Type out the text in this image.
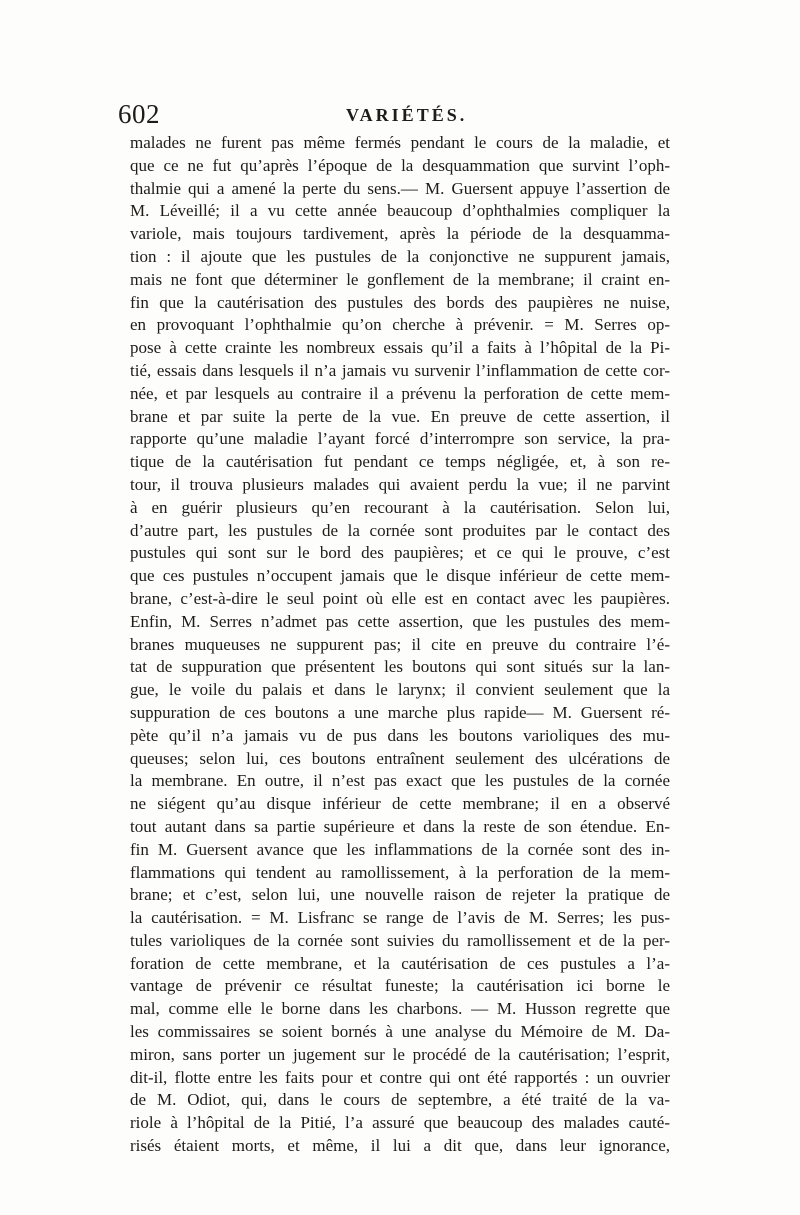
602	VARIÉTÉS.
malades ne furent pas même fermés pendant le cours de la maladie, et
que ce ne fut qu’après l’époque de la desquammation que survint l’oph-
thalmie qui a amené la perte du sens.— M. Guersent appuye l’assertion de
M. Léveillé; il a vu cette année beaucoup d’ophthalmies compliquer la
variole, mais toujours tardivement, après la période de la desquamma-
tion : il ajoute que les pustules de la conjonctive ne suppurent jamais,
mais ne font que déterminer le gonflement de la membrane; il craint en-
fin que la cautérisation des pustules des bords des paupières ne nuise,
en provoquant l’ophthalmie qu’on cherche à prévenir. = M. Serres op-
pose à cette crainte les nombreux essais qu’il a faits à l’hôpital de la Pi-
tié, essais dans lesquels il n’a jamais vu survenir l’inflammation de cette cor-
née, et par lesquels au contraire il a prévenu la perforation de cette mem-
brane et par suite la perte de la vue. En preuve de cette assertion, il
rapporte qu’une maladie l’ayant forcé d’interrompre son service, la pra-
tique de la cautérisation fut pendant ce temps négligée, et, à son re-
tour, il trouva plusieurs malades qui avaient perdu la vue; il ne parvint
à en guérir plusieurs qu’en recourant à la cautérisation. Selon lui,
d’autre part, les pustules de la cornée sont produites par le contact des
pustules qui sont sur le bord des paupières; et ce qui le prouve, c’est
que ces pustules n’occupent jamais que le disque inférieur de cette mem-
brane, c’est-à-dire le seul point où elle est en contact avec les paupières.
Enfin, M. Serres n’admet pas cette assertion, que les pustules des mem-
branes muqueuses ne suppurent pas; il cite en preuve du contraire l’é-
tat de suppuration que présentent les boutons qui sont situés sur la lan-
gue, le voile du palais et dans le larynx; il convient seulement que la
suppuration de ces boutons a une marche plus rapide— M. Guersent ré-
pète qu’il n’a jamais vu de pus dans les boutons varioliques des mu-
queuses; selon lui, ces boutons entraînent seulement des ulcérations de
la membrane. En outre, il n’est pas exact que les pustules de la cornée
ne siégent qu’au disque inférieur de cette membrane; il en a observé
tout autant dans sa partie supérieure et dans la reste de son étendue. En-
fin M. Guersent avance que les inflammations de la cornée sont des in-
flammations qui tendent au ramollissement, à la perforation de la mem-
brane; et c’est, selon lui, une nouvelle raison de rejeter la pratique de
la cautérisation. = M. Lisfranc se range de l’avis de M. Serres; les pus-
tules varioliques de la cornée sont suivies du ramollissement et de la per-
foration de cette membrane, et la cautérisation de ces pustules a l’a-
vantage de prévenir ce résultat funeste; la cautérisation ici borne le
mal, comme elle le borne dans les charbons. — M. Husson regrette que
les commissaires se soient bornés à une analyse du Mémoire de M. Da-
miron, sans porter un jugement sur le procédé de la cautérisation; l’esprit,
dit-il, flotte entre les faits pour et contre qui ont été rapportés : un ouvrier
de M. Odiot, qui, dans le cours de septembre, a été traité de la va-
riole à l’hôpital de la Pitié, l’a assuré que beaucoup des malades cauté-
risés étaient morts, et même, il lui a dit que, dans leur ignorance,
